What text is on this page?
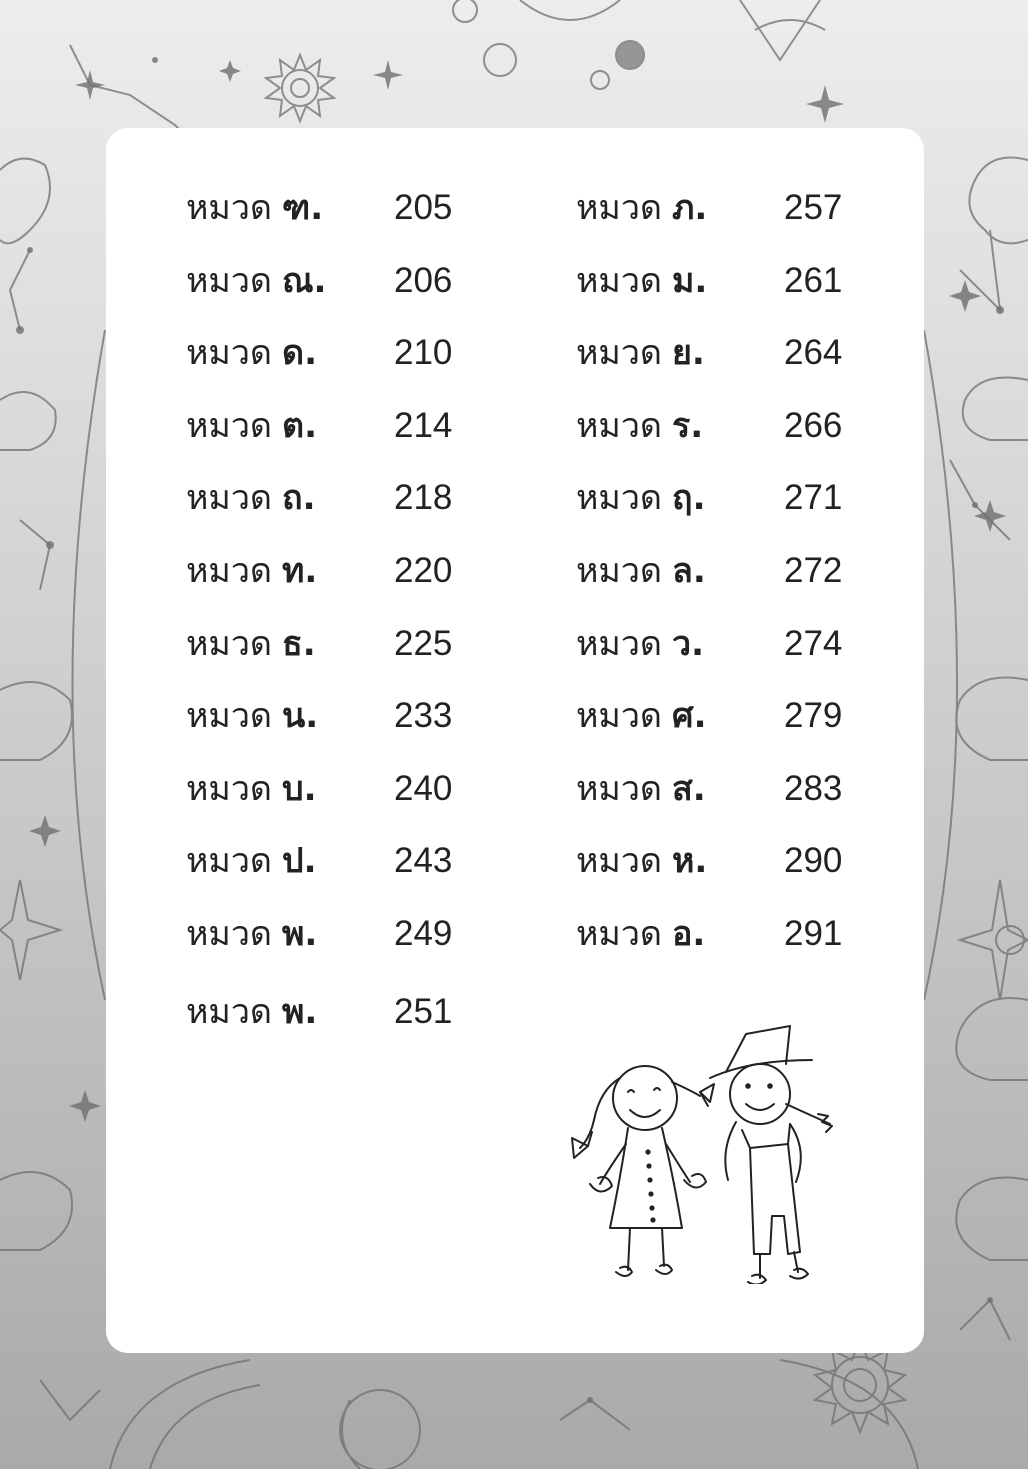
หมวด ฑ. 205
หมวด ณ. 206
หมวด ด. 210
หมวด ต. 214
หมวด ถ. 218
หมวด ท. 220
หมวด ธ. 225
หมวด น. 233
หมวด บ. 240
หมวด ป. 243
หมวด พ. 249
หมวด พ. 251
หมวด ภ. 257
หมวด ม. 261
หมวด ย. 264
หมวด ร. 266
หมวด ฤ. 271
หมวด ล. 272
หมวด ว. 274
หมวด ศ. 279
หมวด ส. 283
หมวด ห. 290
หมวด อ. 291
